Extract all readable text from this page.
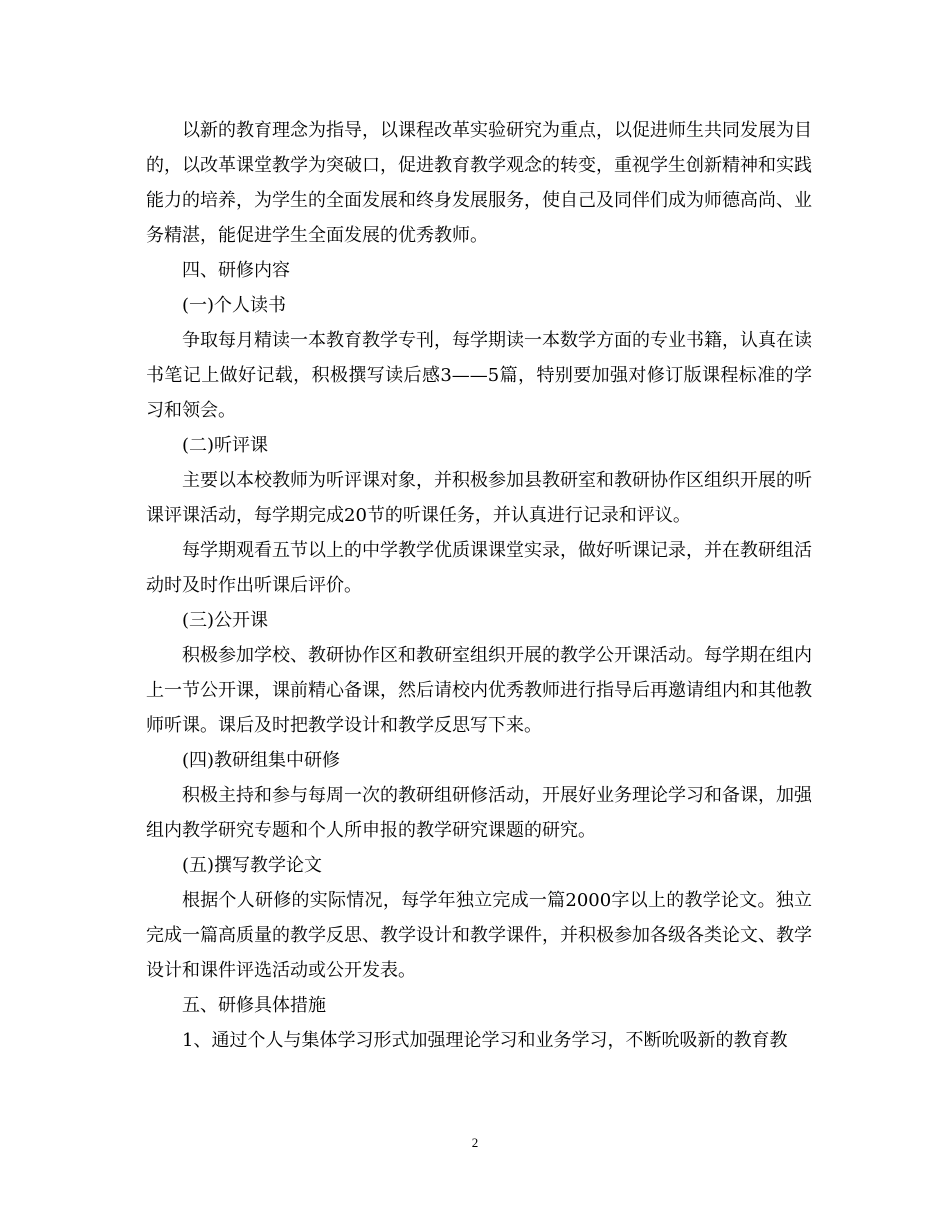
以新的教育理念为指导，以课程改革实验研究为重点，以促进师生共同发展为目的，以改革课堂教学为突破口，促进教育教学观念的转变，重视学生创新精神和实践能力的培养，为学生的全面发展和终身发展服务，使自己及同伴们成为师德高尚、业务精湛，能促进学生全面发展的优秀教师。

四、研修内容

(一)个人读书

争取每月精读一本教育教学专刊，每学期读一本数学方面的专业书籍，认真在读书笔记上做好记载，积极撰写读后感3——5篇，特别要加强对修订版课程标准的学习和领会。

(二)听评课

主要以本校教师为听评课对象，并积极参加县教研室和教研协作区组织开展的听课评课活动，每学期完成20节的听课任务，并认真进行记录和评议。

每学期观看五节以上的中学教学优质课课堂实录，做好听课记录，并在教研组活动时及时作出听课后评价。

(三)公开课

积极参加学校、教研协作区和教研室组织开展的教学公开课活动。每学期在组内上一节公开课，课前精心备课，然后请校内优秀教师进行指导后再邀请组内和其他教师听课。课后及时把教学设计和教学反思写下来。

(四)教研组集中研修

积极主持和参与每周一次的教研组研修活动，开展好业务理论学习和备课，加强组内教学研究专题和个人所申报的教学研究课题的研究。

(五)撰写教学论文

根据个人研修的实际情况，每学年独立完成一篇2000字以上的教学论文。独立完成一篇高质量的教学反思、教学设计和教学课件，并积极参加各级各类论文、教学设计和课件评选活动或公开发表。

五、研修具体措施

1、通过个人与集体学习形式加强理论学习和业务学习，不断吮吸新的教育教

2
